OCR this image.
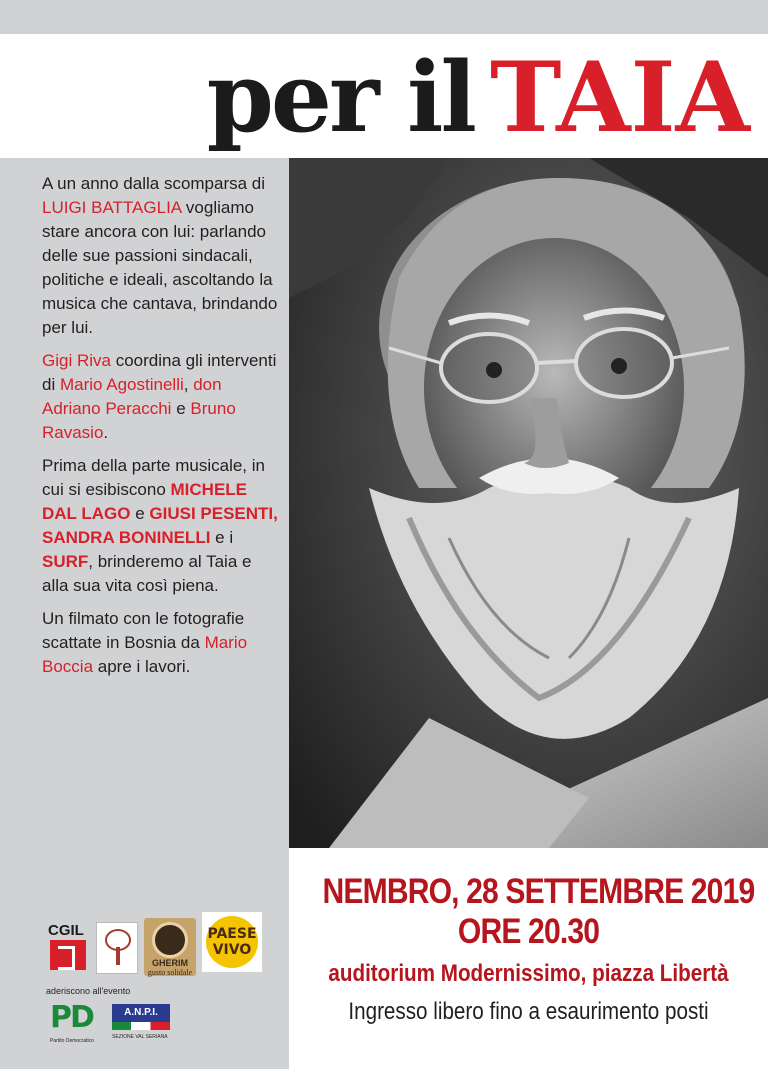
per il TAIA

A un anno dalla scomparsa di LUIGI BATTAGLIA vogliamo stare ancora con lui: parlando delle sue passioni sindacali, politiche e ideali, ascoltando la musica che cantava, brindando per lui.

Gigi Riva coordina gli interventi di Mario Agostinelli, don Adriano Peracchi e Bruno Ravasio.

Prima della parte musicale, in cui si esibiscono MICHELE DAL LAGO e GIUSI PESENTI, SANDRA BONINELLI e i SURF, brinderemo al Taia e alla sua vita così piena.

Un filmato con le fotografie scattate in Bosnia da Mario Boccia apre i lavori.

CGIL
GHERIM
gusto solidale
PAESE
VIVO
aderiscono all'evento
PD
Partito Democratico
A.N.P.I.
SEZIONE VAL SERIANA
NEMBRO, 28 SETTEMBRE 2019
ORE 20.30
auditorium Modernissimo, piazza Libertà
Ingresso libero fino a esaurimento posti
